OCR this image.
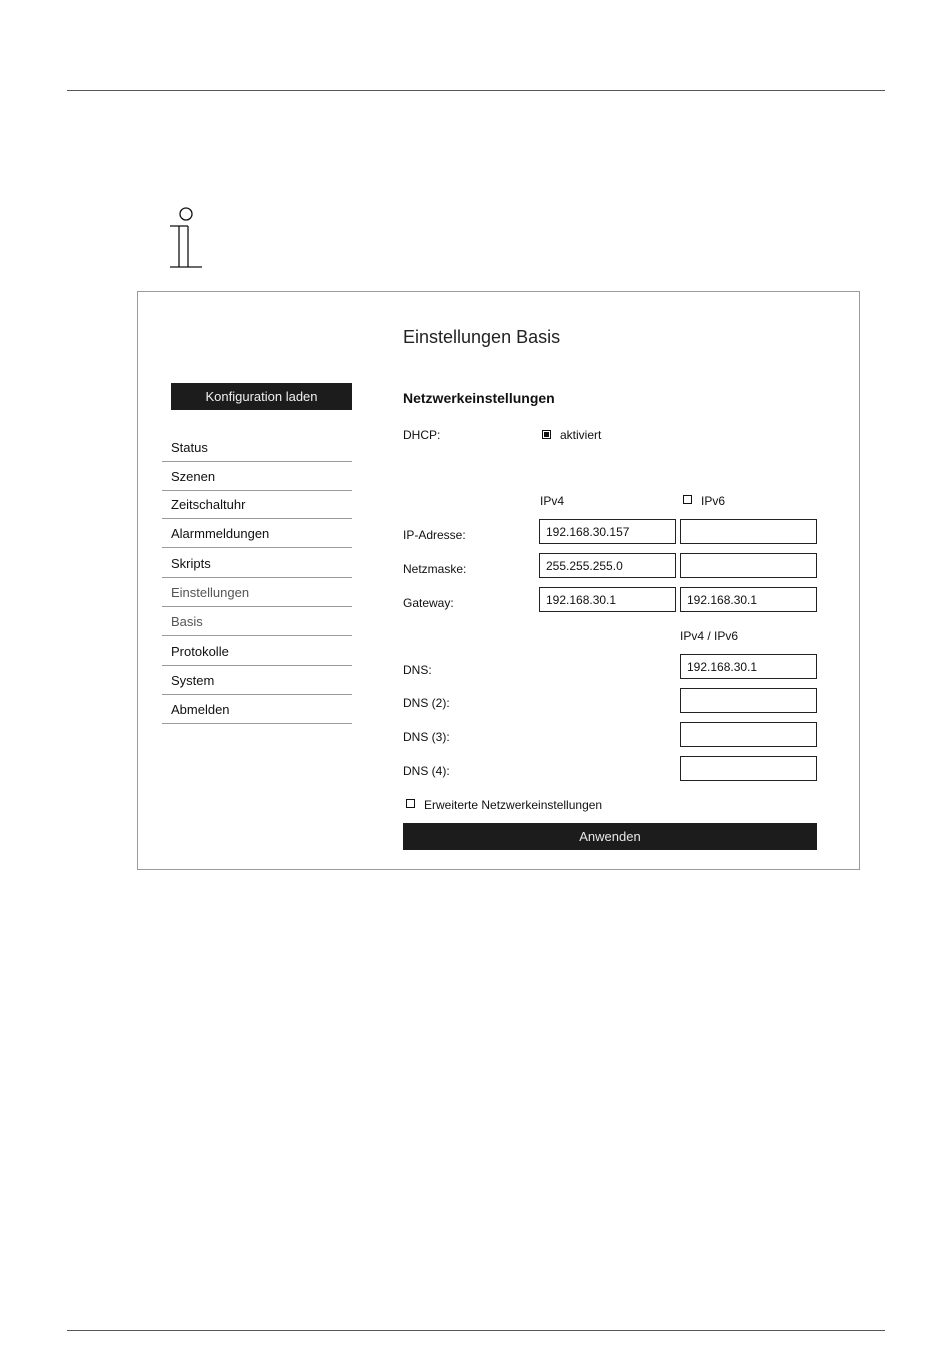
Einstellungen Basis
Konfiguration laden
Status
Szenen
Zeitschaltuhr
Alarmmeldungen
Skripts
Einstellungen
Basis
Protokolle
System
Abmelden
Netzwerkeinstellungen
DHCP:	aktiviert
IPv4	IPv6
IP-Adresse:
192.168.30.157
Netzmaske:
255.255.255.0
Gateway:
192.168.30.1
192.168.30.1
IPv4 / IPv6
DNS:
192.168.30.1
DNS (2):
DNS (3):
DNS (4):
Erweiterte Netzwerkeinstellungen
Anwenden
